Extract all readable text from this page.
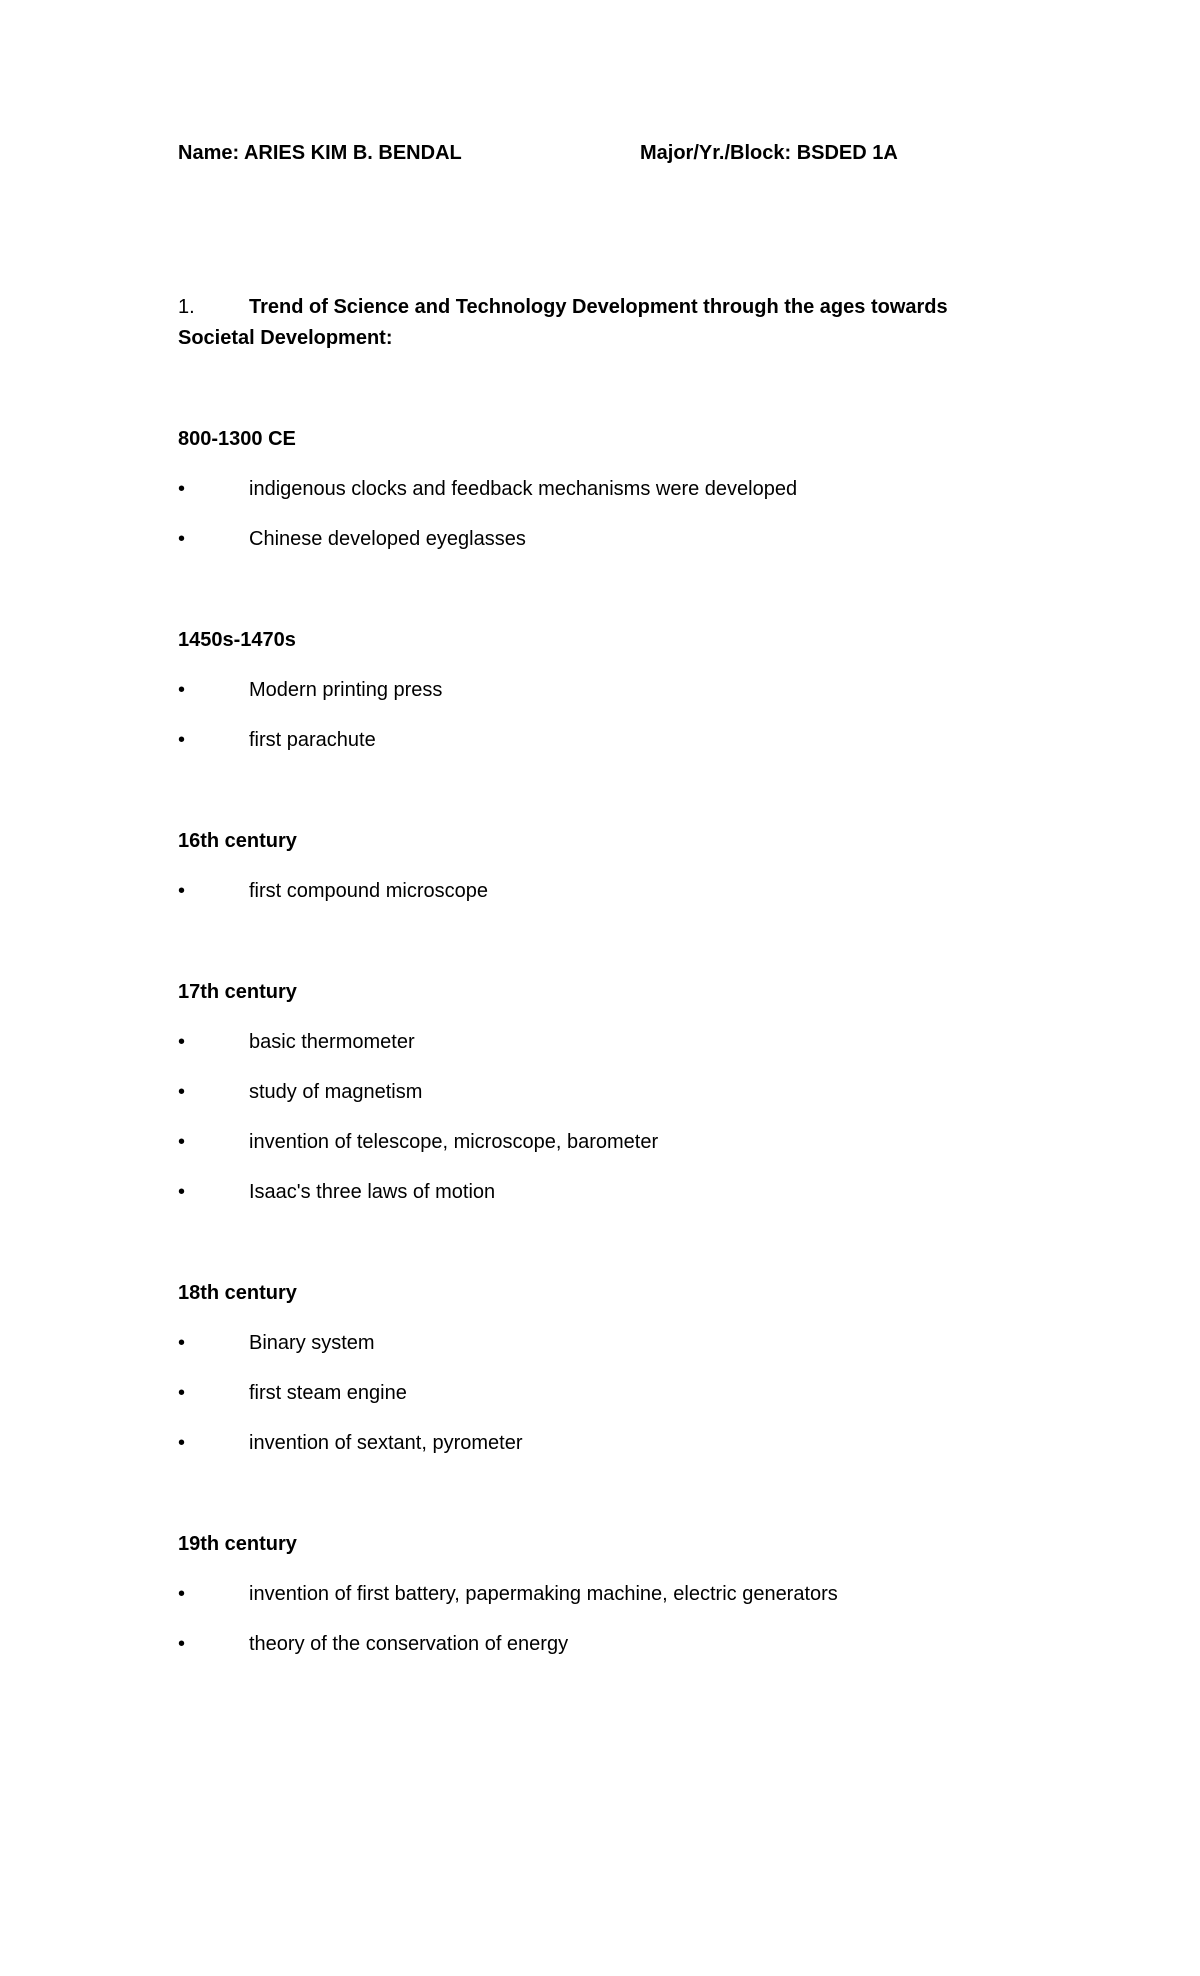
Name: ARIES KIM B. BENDAL	Major/Yr./Block: BSDED 1A
1.	Trend of Science and Technology Development through the ages towards Societal Development:
800-1300 CE
•	indigenous clocks and feedback mechanisms were developed
•	Chinese developed eyeglasses
1450s-1470s
•	Modern printing press
•	first parachute
16th century
•	first compound microscope
17th century
•	basic thermometer
•	study of magnetism
•	invention of telescope, microscope, barometer
•	Isaac's three laws of motion
18th century
•	Binary system
•	first steam engine
•	invention of sextant, pyrometer
19th century
•	invention of first battery, papermaking machine, electric generators
•	theory of the conservation of energy
